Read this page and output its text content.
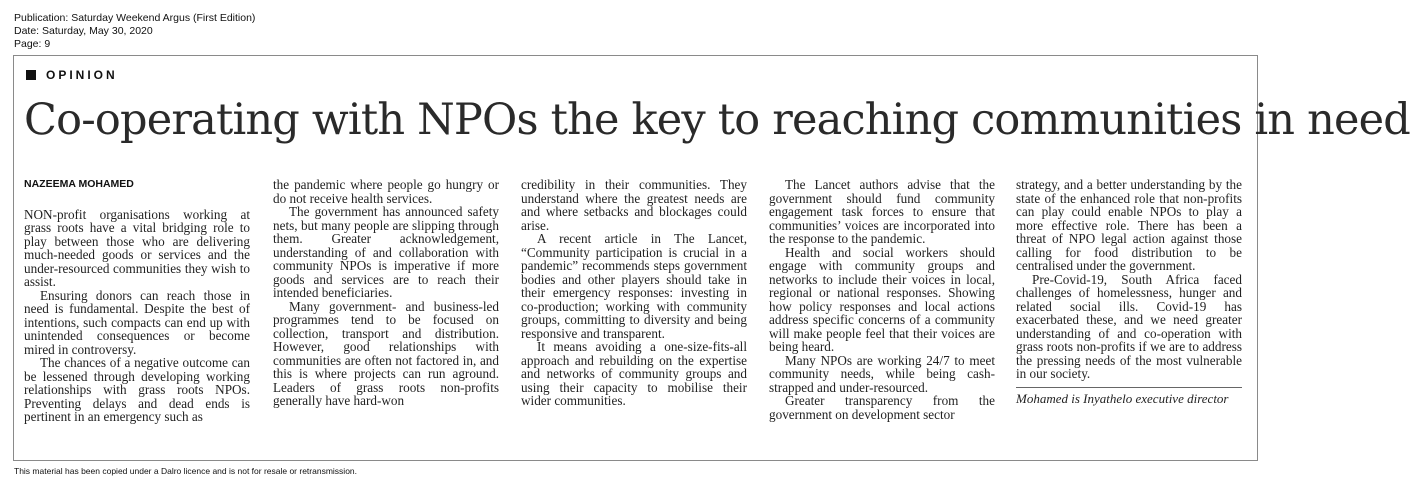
Publication: Saturday Weekend Argus (First Edition)
Date: Saturday, May 30, 2020
Page: 9
OPINION
Co-operating with NPOs the key to reaching communities in need

NAZEEMA MOHAMED

NON-profit organisations working at grass roots have a vital bridging role to play between those who are delivering much-needed goods or services and the under-resourced communities they wish to assist.

Ensuring donors can reach those in need is fundamental. Despite the best of intentions, such compacts can end up with unintended consequences or become mired in controversy.

The chances of a negative outcome can be lessened through developing working relationships with grass roots NPOs. Preventing delays and dead ends is pertinent in an emergency such as

the pandemic where people go hungry or do not receive health services.

The government has announced safety nets, but many people are slipping through them. Greater acknowledgement, understanding of and collaboration with community NPOs is imperative if more goods and services are to reach their intended beneficiaries.

Many government- and business-led programmes tend to be focused on collection, transport and distribution. However, good relationships with communities are often not factored in, and this is where projects can run aground. Leaders of grass roots non-profits generally have hard-won

credibility in their communities. They understand where the greatest needs are and where setbacks and blockages could arise.

A recent article in The Lancet, “Community participation is crucial in a pandemic” recommends steps government bodies and other players should take in their emergency responses: investing in co-production; working with community groups, committing to diversity and being responsive and transparent.

It means avoiding a one-size-fits-all approach and rebuilding on the expertise and networks of community groups and using their capacity to mobilise their wider communities.

The Lancet authors advise that the government should fund community engagement task forces to ensure that communities’ voices are incorporated into the response to the pandemic.

Health and social workers should engage with community groups and networks to include their voices in local, regional or national responses. Showing how policy responses and local actions address specific concerns of a community will make people feel that their voices are being heard.

Many NPOs are working 24/7 to meet community needs, while being cash-strapped and under-resourced.

Greater transparency from the government on development sector

strategy, and a better understanding by the state of the enhanced role that non-profits can play could enable NPOs to play a more effective role. There has been a threat of NPO legal action against those calling for food distribution to be centralised under the government.

Pre-Covid-19, South Africa faced challenges of homelessness, hunger and related social ills. Covid-19 has exacerbated these, and we need greater understanding of and co-operation with grass roots non-profits if we are to address the pressing needs of the most vulnerable in our society.

Mohamed is Inyathelo executive director

This material has been copied under a Dalro licence and is not for resale or retransmission.
